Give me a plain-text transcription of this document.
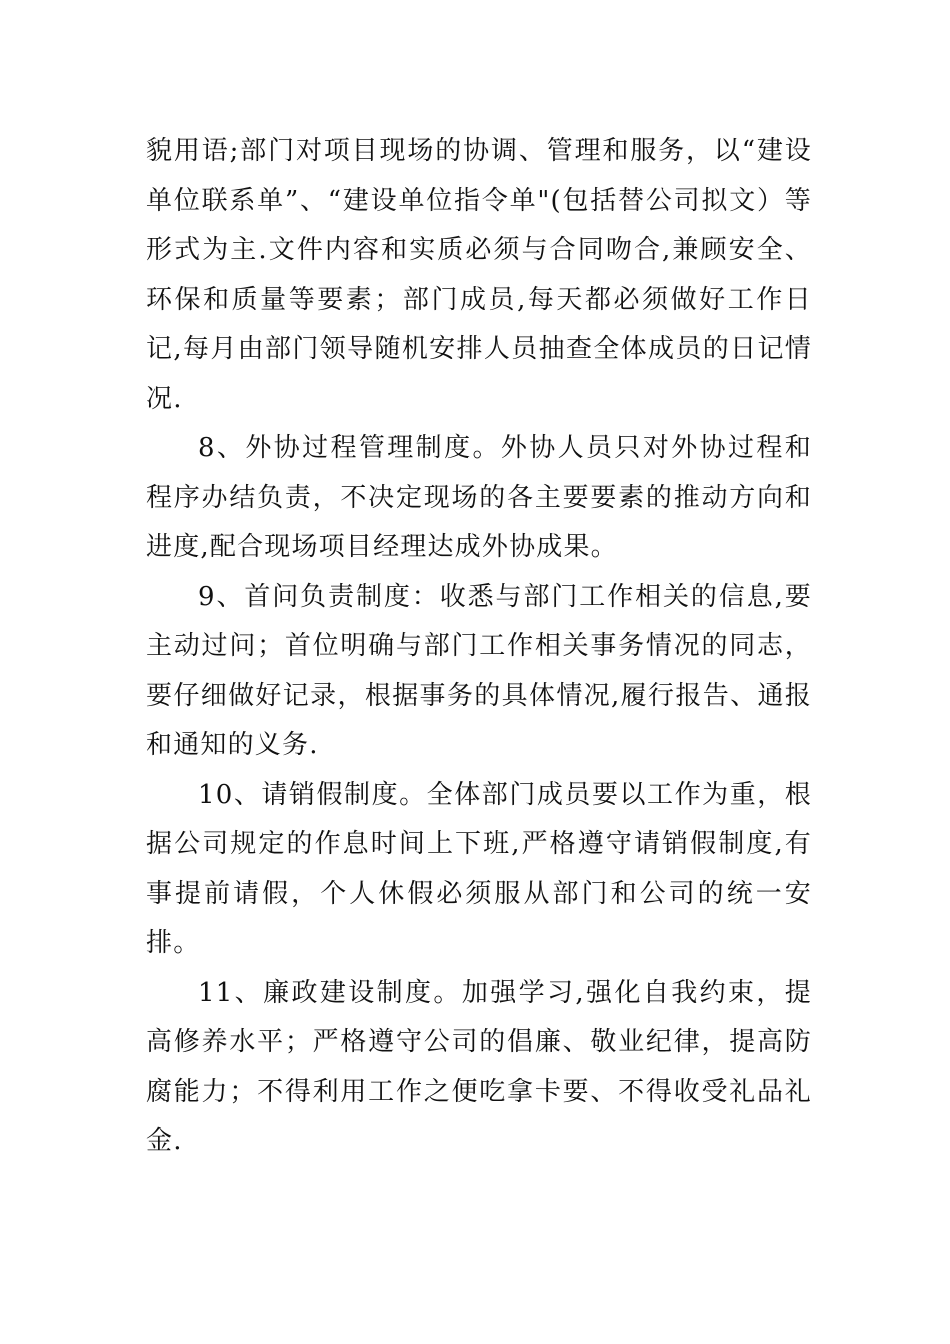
貌用语;部门对项目现场的协调、管理和服务，以“建设单位联系单”、“建设单位指令单"(包括替公司拟文）等形式为主.文件内容和实质必须与合同吻合,兼顾安全、环保和质量等要素；部门成员,每天都必须做好工作日记,每月由部门领导随机安排人员抽查全体成员的日记情况.

8、外协过程管理制度。外协人员只对外协过程和程序办结负责，不决定现场的各主要要素的推动方向和进度,配合现场项目经理达成外协成果。

9、首问负责制度：收悉与部门工作相关的信息,要主动过问；首位明确与部门工作相关事务情况的同志，要仔细做好记录，根据事务的具体情况,履行报告、通报和通知的义务.

10、请销假制度。全体部门成员要以工作为重，根据公司规定的作息时间上下班,严格遵守请销假制度,有事提前请假，个人休假必须服从部门和公司的统一安排。

11、廉政建设制度。加强学习,强化自我约束，提高修养水平；严格遵守公司的倡廉、敬业纪律，提高防腐能力；不得利用工作之便吃拿卡要、不得收受礼品礼金.
